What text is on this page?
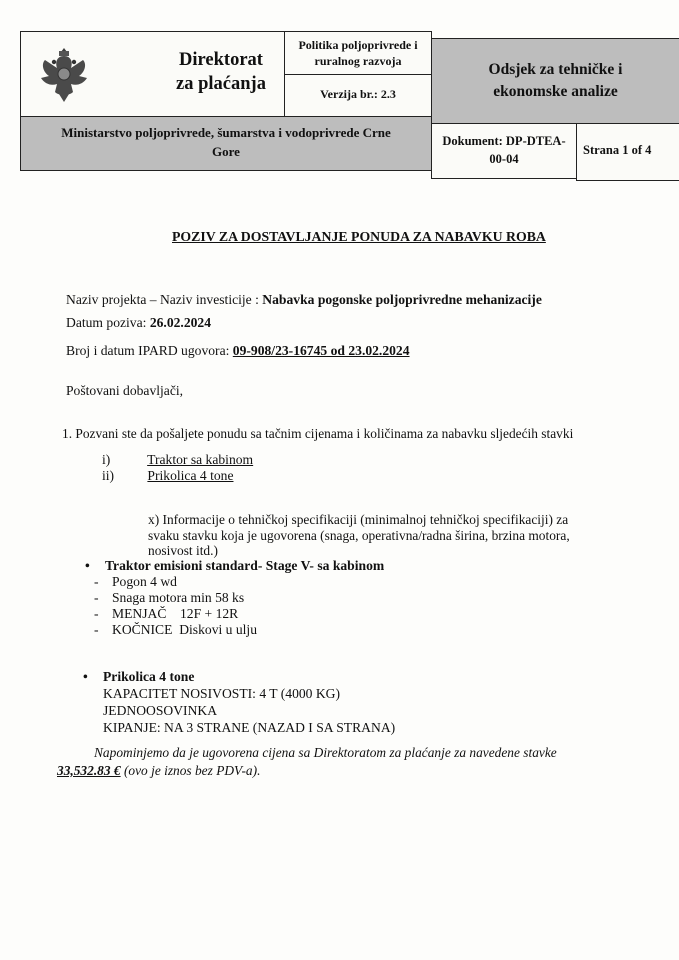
Direktorat
za plaćanja
Politika poljoprivrede i
ruralnog razvoja
Verzija br.: 2.3
Odsjek za tehničke i
ekonomske analize
Ministarstvo poljoprivrede, šumarstva i vodoprivrede Crne
Gore
Dokument: DP-DTEA-
00-04
Strana 1 of 4
POZIV ZA DOSTAVLJANJE PONUDA ZA NABAVKU ROBA
Naziv projekta – Naziv investicije : Nabavka pogonske poljoprivredne mehanizacije
Datum poziva: 26.02.2024
Broj i datum IPARD ugovora: 09-908/23-16745 od 23.02.2024
Poštovani dobavljači,
1. Pozvani ste da pošaljete ponudu sa tačnim cijenama i količinama za nabavku sljedećih stavki
i)	Traktor sa kabinom
ii) Prikolica 4 tone
x) Informacije o tehničkoj specifikaciji (minimalnoj tehničkoj specifikaciji) za
svaku stavku koja je ugovorena (snaga, operativna/radna širina, brzina motora,
nosivost itd.)
• Traktor emisioni standard- Stage V- sa kabinom
- Pogon 4 wd
- Snaga motora min 58 ks
- MENJAČ    12F + 12R
- KOČNICE  Diskovi u ulju
• Prikolica 4 tone
KAPACITET NOSIVOSTI: 4 T (4000 KG)
JEDNOOSOVINKA
KIPANJE: NA 3 STRANE (NAZAD I SA STRANA)
Napominjemo da je ugovorena cijena sa Direktoratom za plaćanje za navedene stavke
33,532.83 € (ovo je iznos bez PDV-a).
